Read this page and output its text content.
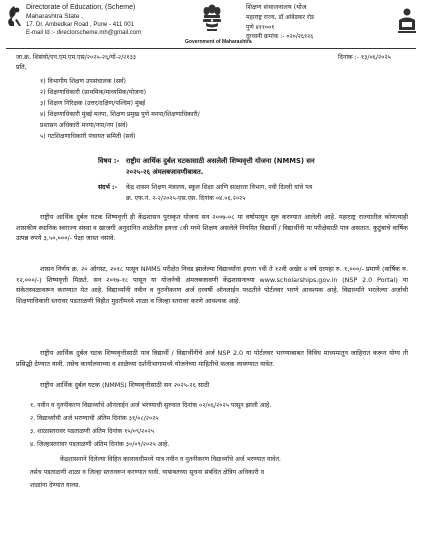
Directorate of Education, (Scheme)
Maharashtra State ,
17. Dr. Ambedkar Road , Pune - 411 001
E-mail Id :- directorscheme.mh@gmail.com
Government of Maharashtra
शिक्षण संचालनालय (योज
महाराष्ट्र राज्य, डॉ आंबेडकर रोड
पुणे ४११००१
दूरध्वनी क्रमांक :- ०२०/२६१२६
जा.क्र. शिसंयो/एन.एम.एम.एस/२०२५-२६/यो-२/२१३३	दिनांक :- १३/०६/२०२५
प्रति,
१) विभागीय शिक्षण उपसंचालक (सर्व)
२) शिक्षणाधिकारी (प्राथमिक/माध्यमिक/योजना)
३) शिक्षण निरिक्षक (उत्तर/दक्षिण/पश्चिम) मुंबई
४) शिक्षणाधिकारी मुंबई मनपा, शिक्षण प्रमुख पुणे मनपा/शिक्षणाधिकारी/
प्रशासन अधिकारी मनपा/नपा/नप (सर्व)
५) गटशिक्षणाधिकारी पंचायत समिती (सर्व)
विषय :- राष्ट्रीय आर्थिक दुर्बल घटकासाठी असलेली शिष्यवृत्ती योजना (NMMS) सन
२०२५-२६ अंमलबजावणीबाबत.
संदर्भ :- केंद्र शासन शिक्षण मंत्रालय, स्कूल शिक्षा आणि साक्षरता विभाग, नवी दिल्ली यांचे पत्र
क्र. एफ.नं. २-२/२०२५-एस.एस. दिनांक ०४.०६.२०२५
राष्ट्रीय आर्थिक दुर्बल घटक शिष्यवृत्ती ही केंद्रशासन पुरस्कृत योजना सन २००७-०८ या वर्षापासून सुरु करण्यात आलेली आहे. महाराष्ट्र राज्यातील कोणत्याही शासकीय स्थानिक स्वराज्य संस्था व खाजगी अनुदानित शाळेतील इयत्ता ८वी मध्ये शिक्षण असलेले नियमित विद्यार्थी / विद्यार्थीनी या परीक्षेसाठी पात्र असतात. कुटुंबाचे वार्षिक उत्पन्न रुपये ३,५०,०००/- पेक्षा जास्त नसावे.
शासन निर्णय क्र. २० ऑगस्ट, २०१८ पासून NMMS परीक्षेत निवड झालेल्या विद्यार्थ्यांना इयत्ता ९वी ते १२वी अखेर ४ वर्ष दरमहा रु. १,०००/- प्रमाणे (वार्षिक रु. १२,०००/-) शिष्यवृत्ती मिळते. सन २०१७-१८ पासून या योजनेची अंमलबजावणी केंद्रशासनाच्या www.scholarships.gov.in (NSP 2.0 Portal) या संकेतस्थळावरून करण्यात येत आहे. विद्यार्थ्यांनी नवीन व नुतनीकरण अर्ज दरवर्षी ऑनलाईन पध्दतीने पोर्टलवर भरणे आवश्यक आहे. विद्यार्थ्यांने भरलेल्या अर्जाची शिक्षणाधिकारी स्तरावर पडताळणी विहीत मुदतीमध्ये शाळा व जिल्हा स्तरावर करणे आवश्यक आहे.
राष्ट्रीय आर्थिक दुर्बल घटक शिष्यवृत्तीसाठी पात्र विद्यार्थी / विद्यार्थीनींचे अर्ज NSP 2.0 या पोर्टलवर भरण्याबाबत विविध माध्यमातून जाहिरात करून योग्य ती प्रसिद्धी देण्यात यावी. तसेच कार्यालयाच्या व शाळेच्या दर्शनीभागामध्ये योजनेच्या माहितीचे फलक लावण्यात यावेत.
राष्ट्रीय आर्थिक दुर्बल घटक (NMMS) शिष्यवृत्तीसाठी सन २०२५-२६ साठी
१. नवीन व नुतनीकरण विद्यार्थ्यांचे ऑनलाईन अर्ज भरण्याची सुरुवात दिनांक ०२/०६/२०२५ पासून झाली आहे.
२. विद्यार्थ्यांची अर्ज भरण्याची अंतिम दिनांक ३१/०८/२०२५
३. शाळास्तरावर पडताळणी अंतिम दिनांक १५/०९/२०२५
४. जिल्हास्तरावर पडताळणी अंतिम दिनांक ३०/०९/२०२५ आहे.
केंद्रशासनाने दिलेल्या विहित कालावधीमध्ये पात्र नवीन व नुतनीकरण विद्यार्थ्यांचे अर्ज भरण्यात यावेत.
तसेच पडताळणी शाळा व जिल्हा स्तरावरून करण्यात यावी. याबाबतच्या सूचना संबंधित क्षेत्रिय अधिकारी व
शाळांना देण्यात याव्या.
